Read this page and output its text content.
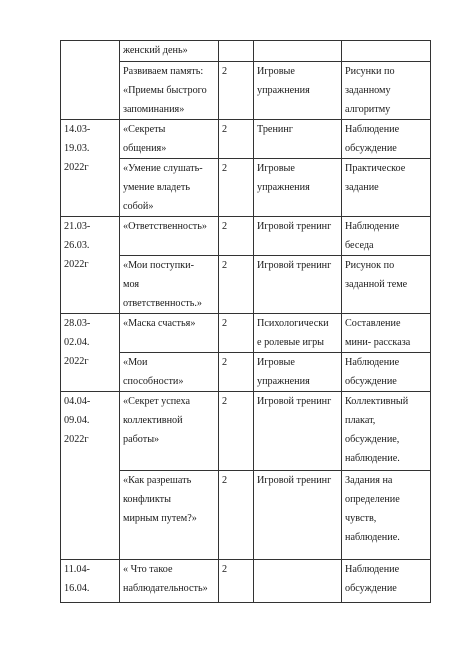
	женский день»			

	Развиваем память:
«Приемы быстрого
запоминания»	2	Игровые
упражнения	Рисунки по
заданному
алгоритму

14.03-
19.03.
2022г	«Секреты
общения»	2	Тренинг	Наблюдение
обсуждение

	«Умение слушать-
умение владеть
собой»	2	Игровые
упражнения	Практическое
задание

21.03-
26.03.
2022г	«Ответственность»	2	Игровой тренинг	Наблюдение
беседа

	«Мои поступки-
моя
ответственность.»	2	Игровой тренинг	Рисунок по
заданной теме

28.03-
02.04.
2022г	«Маска счастья»	2	Психологически
е ролевые игры	Составление
мини- рассказа

	«Мои
способности»	2	Игровые
упражнения	Наблюдение
обсуждение

04.04-
09.04.
2022г	«Секрет успеха
коллективной
работы»	2	Игровой тренинг	Коллективный
плакат,
обсуждение,
наблюдение.

	«Как разрешать
конфликты
мирным путем?»	2	Игровой тренинг	Задания на
определение
чувств,
наблюдение.

11.04-
16.04.	« Что такое
наблюдательность»	2		Наблюдение
обсуждение
